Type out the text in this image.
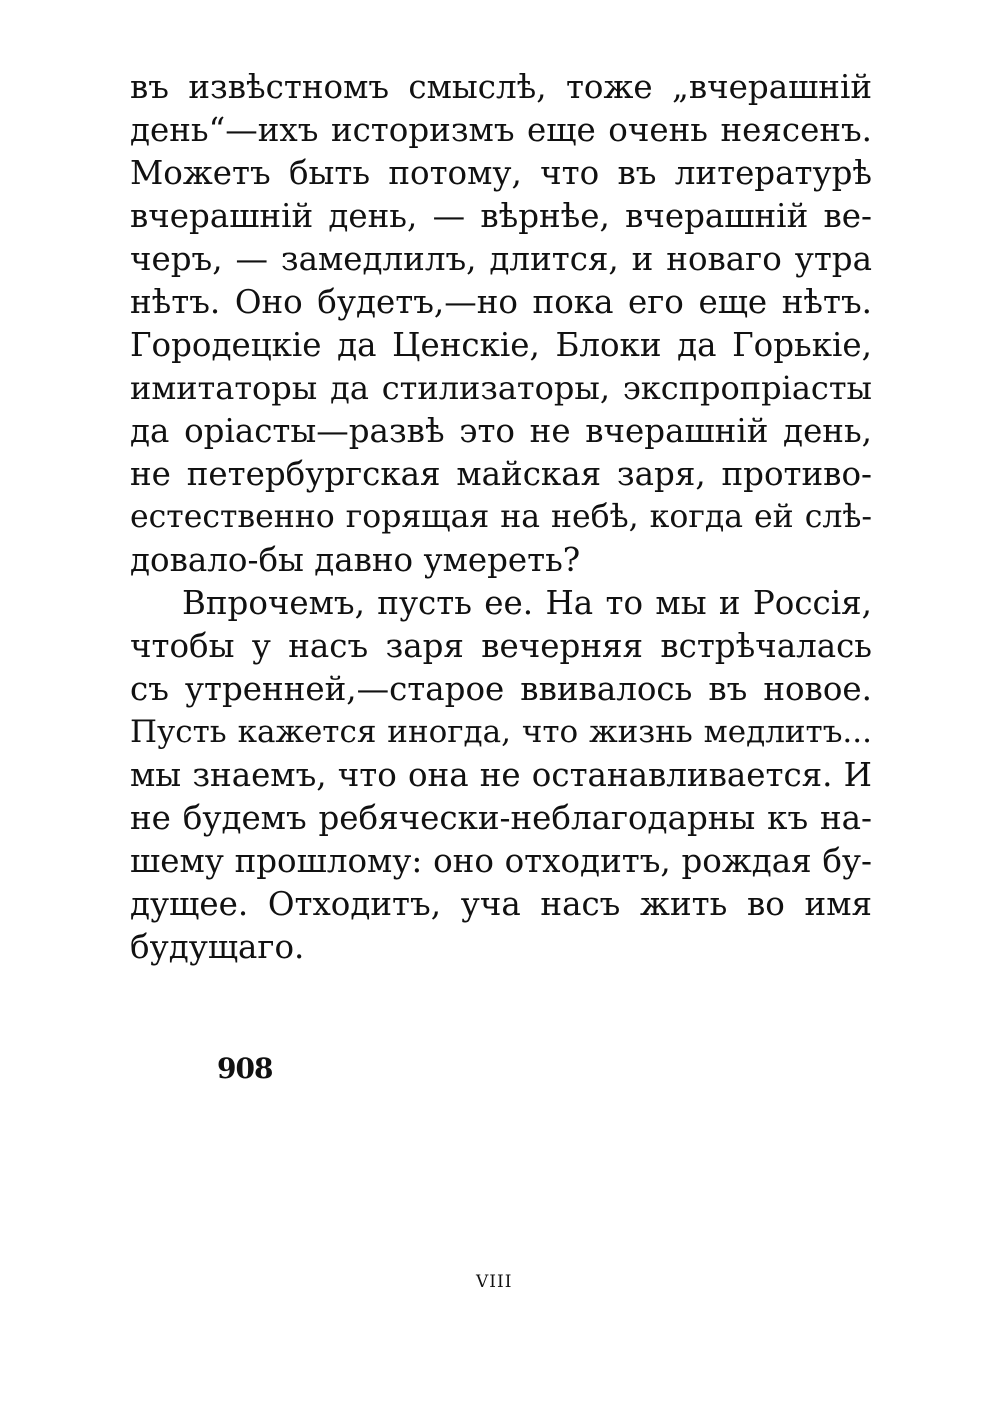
въ извѣстномъ смыслѣ, тоже „вчерашній
день“—ихъ историзмъ еще очень неясенъ.
Можетъ быть потому, что въ литературѣ
вчерашній день, — вѣрнѣе, вчерашній ве-
черъ, — замедлилъ, длится, и новаго утра
нѣтъ. Оно будетъ,—но пока его еще нѣтъ.
Городецкіе да Ценскіе, Блоки да Горькіе,
имитаторы да стилизаторы, экспропріасты
да оріасты—развѣ это не вчерашній день,
не петербургская майская заря, противо-
естественно горящая на небѣ, когда ей слѣ-
довало-бы давно умереть?
Впрочемъ, пусть ее. На то мы и Россія,
чтобы у насъ заря вечерняя встрѣчалась
съ утренней,—старое ввивалось въ новое.
Пусть кажется иногда, что жизнь медлитъ...
мы знаемъ, что она не останавливается. И
не будемъ ребячески-неблагодарны къ на-
шему прошлому: оно отходитъ, рождая бу-
дущее. Отходитъ, уча насъ жить во имя
будущаго.
908
VIII
